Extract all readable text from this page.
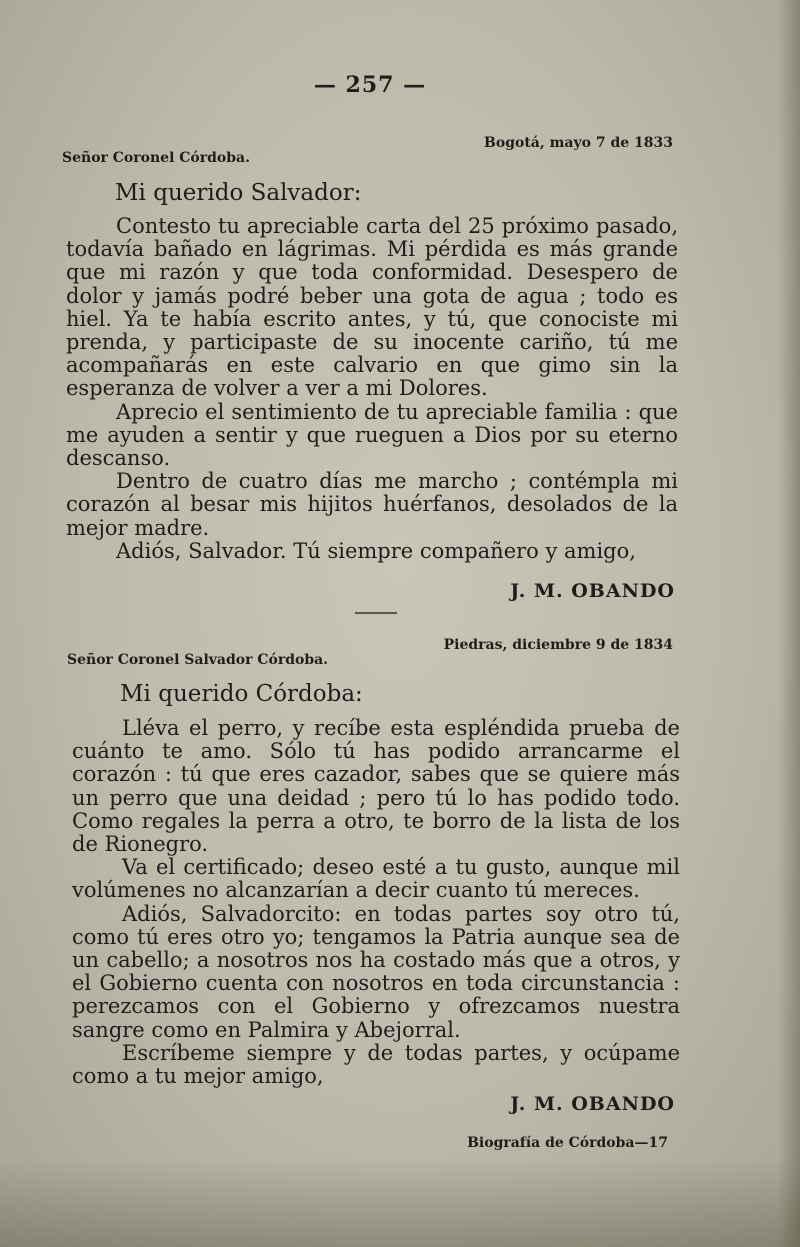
— 257 —
Bogotá, mayo 7 de 1833
Señor Coronel Córdoba.
Mi querido Salvador:

Contesto tu apreciable carta del 25 próximo pasado, todavía bañado en lágrimas. Mi pérdida es más grande que mi razón y que toda conformidad. Desespero de dolor y jamás podré beber una gota de agua ; todo es hiel. Ya te había escrito antes, y tú, que conociste mi prenda, y participaste de su inocente cariño, tú me acompañarás en este calvario en que gimo sin la esperanza de volver a ver a mi Dolores.

Aprecio el sentimiento de tu apreciable familia : que me ayuden a sentir y que rueguen a Dios por su eterno descanso.

Dentro de cuatro días me marcho ; contémpla mi corazón al besar mis hijitos huérfanos, desolados de la mejor madre.

Adiós, Salvador. Tú siempre compañero y amigo,

J. M. OBANDO
Piedras, diciembre 9 de 1834
Señor Coronel Salvador Córdoba.
Mi querido Córdoba:

Lléva el perro, y recíbe esta espléndida prueba de cuánto te amo. Sólo tú has podido arrancarme el corazón : tú que eres cazador, sabes que se quiere más un perro que una deidad ; pero tú lo has podido todo. Como regales la perra a otro, te borro de la lista de los de Rionegro.

Va el certificado; deseo esté a tu gusto, aunque mil volúmenes no alcanzarían a decir cuanto tú mereces.

Adiós, Salvadorcito: en todas partes soy otro tú, como tú eres otro yo; tengamos la Patria aunque sea de un cabello; a nosotros nos ha costado más que a otros, y el Gobierno cuenta con nosotros en toda circunstancia : perezcamos con el Gobierno y ofrezcamos nuestra sangre como en Palmira y Abejorral.

Escríbeme siempre y de todas partes, y ocúpame como a tu mejor amigo,

J. M. OBANDO
Biografía de Córdoba—17
